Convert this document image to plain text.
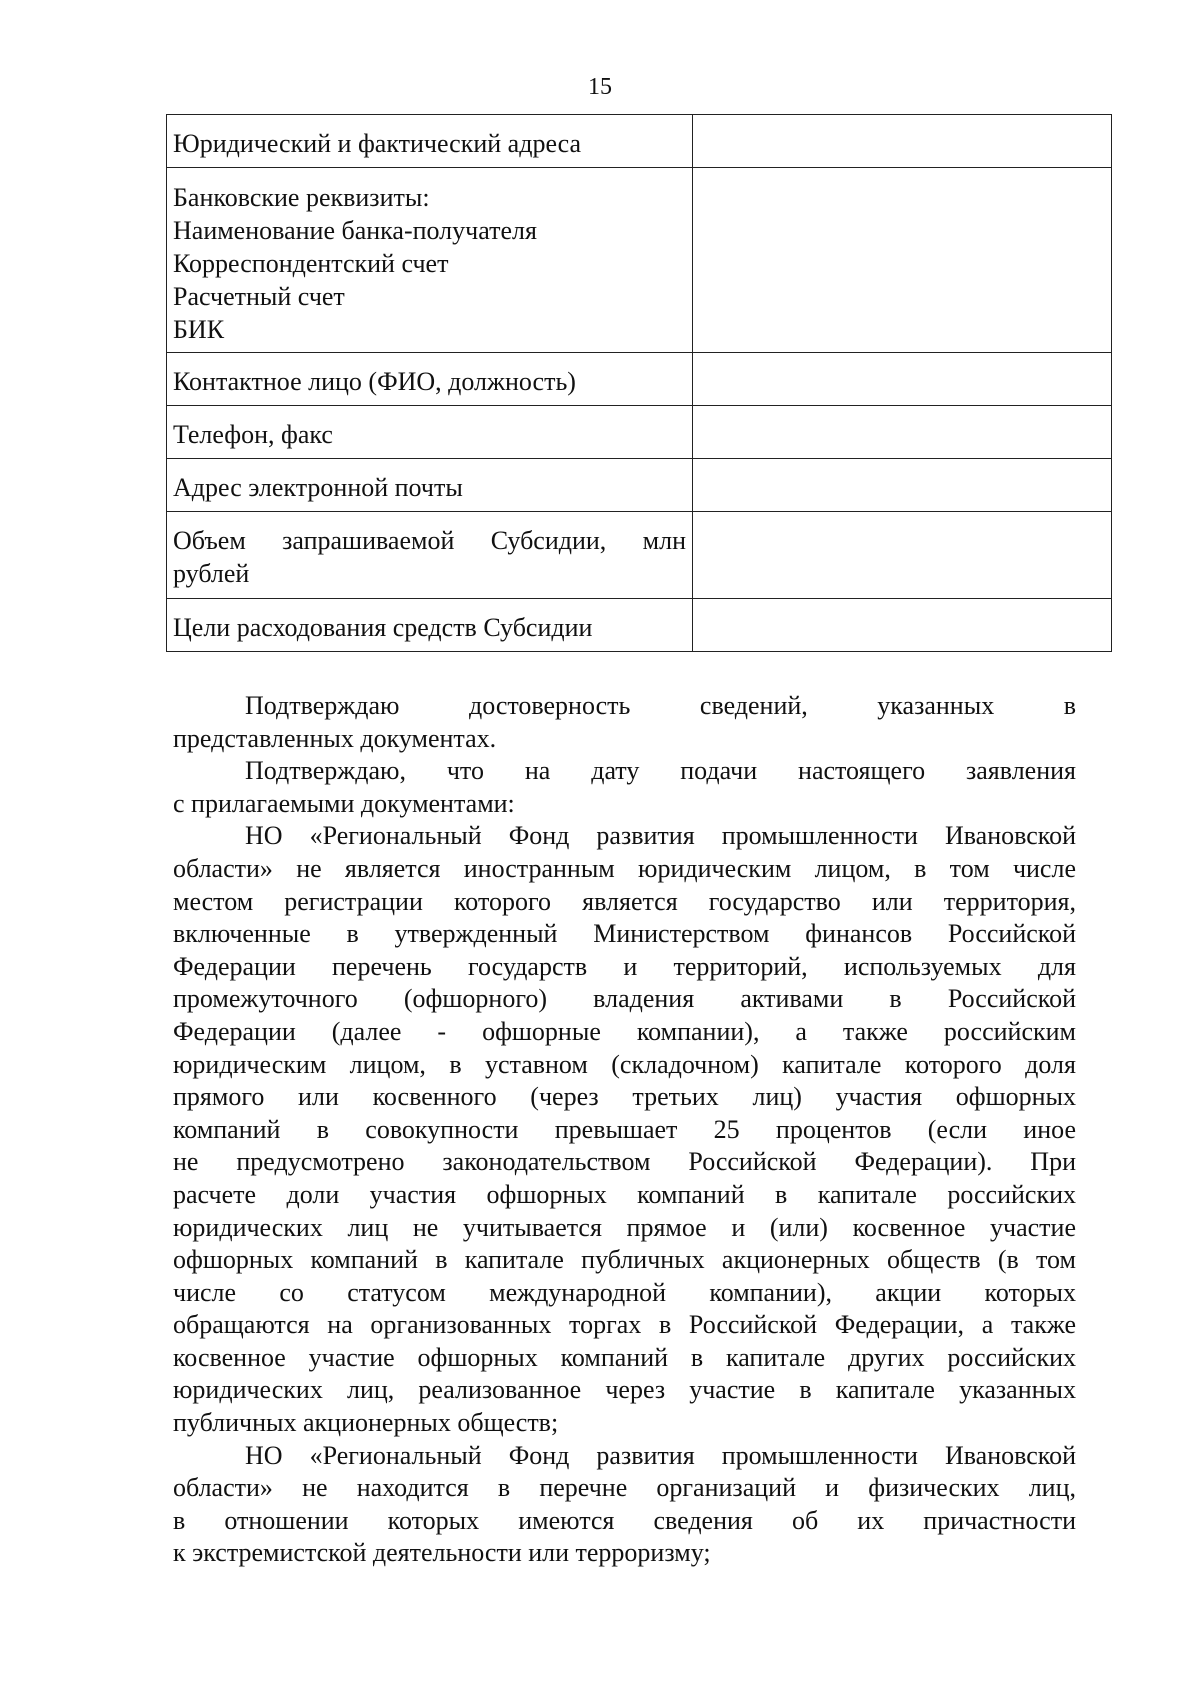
15
Юридический и фактический адреса	

Банковские реквизиты:
Наименование банка-получателя
Корреспондентский счет
Расчетный счет
БИК	

Контактное лицо (ФИО, должность)	

Телефон, факс	

Адрес электронной почты	

Объем запрашиваемой Субсидии, млн
рублей	

Цели расходования средств Субсидии	

Подтверждаю достоверность сведений, указанных в
представленных документах.
Подтверждаю, что на дату подачи настоящего заявления
с прилагаемыми документами:
НО «Региональный Фонд развития промышленности Ивановской
области» не является иностранным юридическим лицом, в том числе
местом регистрации которого является государство или территория,
включенные в утвержденный Министерством финансов Российской
Федерации перечень государств и территорий, используемых для
промежуточного (офшорного) владения активами в Российской
Федерации (далее - офшорные компании), а также российским
юридическим лицом, в уставном (складочном) капитале которого доля
прямого или косвенного (через третьих лиц) участия офшорных
компаний в совокупности превышает 25 процентов (если иное
не предусмотрено законодательством Российской Федерации). При
расчете доли участия офшорных компаний в капитале российских
юридических лиц не учитывается прямое и (или) косвенное участие
офшорных компаний в капитале публичных акционерных обществ (в том
числе со статусом международной компании), акции которых
обращаются на организованных торгах в Российской Федерации, а также
косвенное участие офшорных компаний в капитале других российских
юридических лиц, реализованное через участие в капитале указанных
публичных акционерных обществ;
НО «Региональный Фонд развития промышленности Ивановской
области» не находится в перечне организаций и физических лиц,
в отношении которых имеются сведения об их причастности
к экстремистской деятельности или терроризму;
